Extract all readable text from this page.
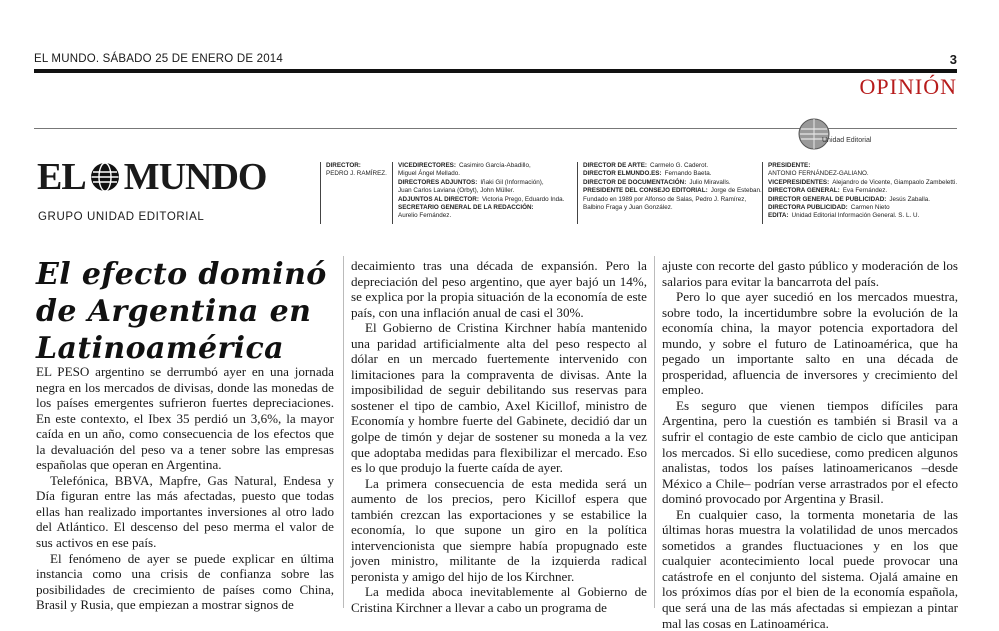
EL MUNDO. SÁBADO 25 DE ENERO DE 2014	3
OPINIÓN
Unidad Editorial
EL MUNDO
GRUPO UNIDAD EDITORIAL
DIRECTOR:
PEDRO J. RAMÍREZ.
VICEDIRECTORES: Casimiro García-Abadillo,
Miguel Ángel Mellado.
DIRECTORES ADJUNTOS: Iñaki Gil (Información),
Juan Carlos Laviana (Orbyt), John Müller.
ADJUNTOS AL DIRECTOR: Victoria Prego, Eduardo Inda.
SECRETARIO GENERAL DE LA REDACCIÓN:
Aurelio Fernández.
DIRECTOR DE ARTE: Carmelo G. Caderot.
DIRECTOR ELMUNDO.ES: Fernando Baeta.
DIRECTOR DE DOCUMENTACIÓN: Julio Miravalls.
PRESIDENTE DEL CONSEJO EDITORIAL: Jorge de Esteban.
Fundado en 1989 por Alfonso de Salas, Pedro J. Ramírez,
Balbino Fraga y Juan González.
PRESIDENTE:
ANTONIO FERNÁNDEZ-GALIANO.
VICEPRESIDENTES: Alejandro de Vicente, Giampaolo Zambeletti.
DIRECTORA GENERAL: Eva Fernández.
DIRECTOR GENERAL DE PUBLICIDAD: Jesús Zaballa.
DIRECTORA PUBLICIDAD: Carmen Nieto
EDITA: Unidad Editorial Información General. S. L. U.
El efecto dominó de Argentina en Latinoamérica

EL PESO argentino se derrumbó ayer en una jornada negra en los mercados de divisas, donde las monedas de los países emergentes sufrieron fuertes depreciaciones. En este contexto, el Ibex 35 perdió un 3,6%, la mayor caída en un año, como consecuencia de los efectos que la devaluación del peso va a tener sobre las empresas españolas que operan en Argentina.

Telefónica, BBVA, Mapfre, Gas Natural, Endesa y Día figuran entre las más afectadas, puesto que todas ellas han realizado importantes inversiones al otro lado del Atlántico. El descenso del peso merma el valor de sus activos en ese país.

El fenómeno de ayer se puede explicar en última instancia como una crisis de confianza sobre las posibilidades de crecimiento de países como China, Brasil y Rusia, que empiezan a mostrar signos de

decaimiento tras una década de expansión. Pero la depreciación del peso argentino, que ayer bajó un 14%, se explica por la propia situación de la economía de este país, con una inflación anual de casi el 30%.

El Gobierno de Cristina Kirchner había mantenido una paridad artificialmente alta del peso respecto al dólar en un mercado fuertemente intervenido con limitaciones para la compraventa de divisas. Ante la imposibilidad de seguir debilitando sus reservas para sostener el tipo de cambio, Axel Kicillof, ministro de Economía y hombre fuerte del Gabinete, decidió dar un golpe de timón y dejar de sostener su moneda a la vez que adoptaba medidas para flexibilizar el mercado. Eso es lo que produjo la fuerte caída de ayer.

La primera consecuencia de esta medida será un aumento de los precios, pero Kicillof espera que también crezcan las exportaciones y se estabilice la economía, lo que supone un giro en la política intervencionista que siempre había propugnado este joven ministro, militante de la izquierda radical peronista y amigo del hijo de los Kirchner.

La medida aboca inevitablemente al Gobierno de Cristina Kirchner a llevar a cabo un programa de

ajuste con recorte del gasto público y moderación de los salarios para evitar la bancarrota del país.

Pero lo que ayer sucedió en los mercados muestra, sobre todo, la incertidumbre sobre la evolución de la economía china, la mayor potencia exportadora del mundo, y sobre el futuro de Latinoamérica, que ha pegado un importante salto en una década de prosperidad, afluencia de inversores y crecimiento del empleo.

Es seguro que vienen tiempos difíciles para Argentina, pero la cuestión es también si Brasil va a sufrir el contagio de este cambio de ciclo que anticipan los mercados. Si ello sucediese, como predicen algunos analistas, todos los países latinoamericanos –desde México a Chile– podrían verse arrastrados por el efecto dominó provocado por Argentina y Brasil.

En cualquier caso, la tormenta monetaria de las últimas horas muestra la volatilidad de unos mercados sometidos a grandes fluctuaciones y en los que cualquier acontecimiento local puede provocar una catástrofe en el conjunto del sistema. Ojalá amaine en los próximos días por el bien de la economía española, que será una de las más afectadas si empiezan a pintar mal las cosas en Latinoamérica.
